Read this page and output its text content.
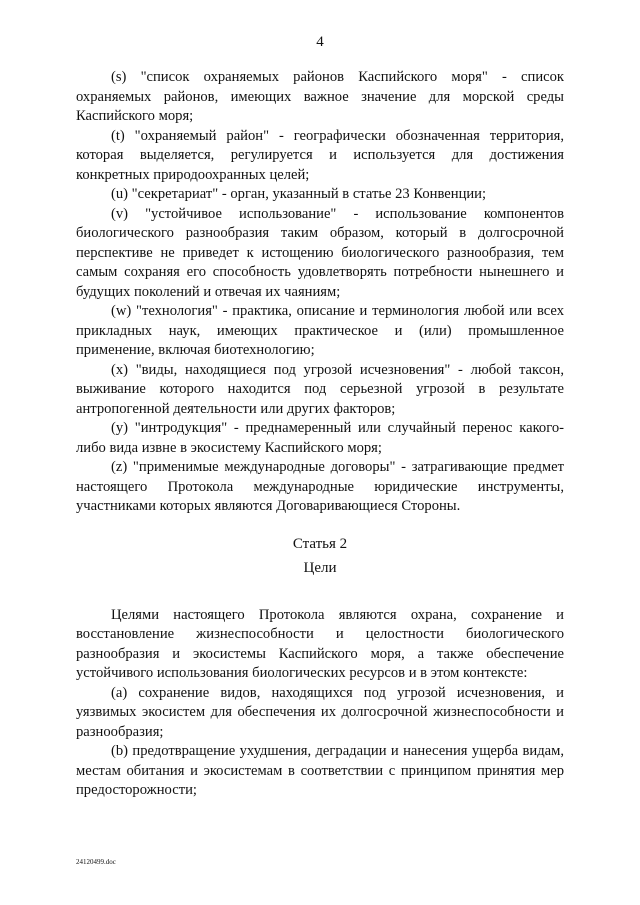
4

(s) "список охраняемых районов Каспийского моря" - список охраняемых районов, имеющих важное значение для морской среды Каспийского моря;

(t) "охраняемый район" - географически обозначенная территория, которая выделяется, регулируется и используется для достижения конкретных природоохранных целей;

(u) "секретариат" - орган, указанный в статье 23 Конвенции;

(v) "устойчивое использование" - использование компонентов биологического разнообразия таким образом, который в долгосрочной перспективе не приведет к истощению биологического разнообразия, тем самым сохраняя его способность удовлетворять потребности нынешнего и будущих поколений и отвечая их чаяниям;

(w) "технология" - практика, описание и терминология любой или всех прикладных наук, имеющих практическое и (или) промышленное применение, включая биотехнологию;

(x) "виды, находящиеся под угрозой исчезновения" - любой таксон, выживание которого находится под серьезной угрозой в результате антропогенной деятельности или других факторов;

(y) "интродукция" - преднамеренный или случайный перенос какого-либо вида извне в экосистему Каспийского моря;

(z) "применимые международные договоры" - затрагивающие предмет настоящего Протокола международные юридические инструменты, участниками которых являются Договаривающиеся Стороны.

Статья 2

Цели

Целями настоящего Протокола являются охрана, сохранение и восстановление жизнеспособности и целостности биологического разнообразия и экосистемы Каспийского моря, а также обеспечение устойчивого использования биологических ресурсов и в этом контексте:

(a) сохранение видов, находящихся под угрозой исчезновения, и уязвимых экосистем для обеспечения их долгосрочной жизнеспособности и разнообразия;

(b) предотвращение ухудшения, деградации и нанесения ущерба видам, местам обитания и экосистемам в соответствии с принципом принятия мер предосторожности;

24120499.doc
